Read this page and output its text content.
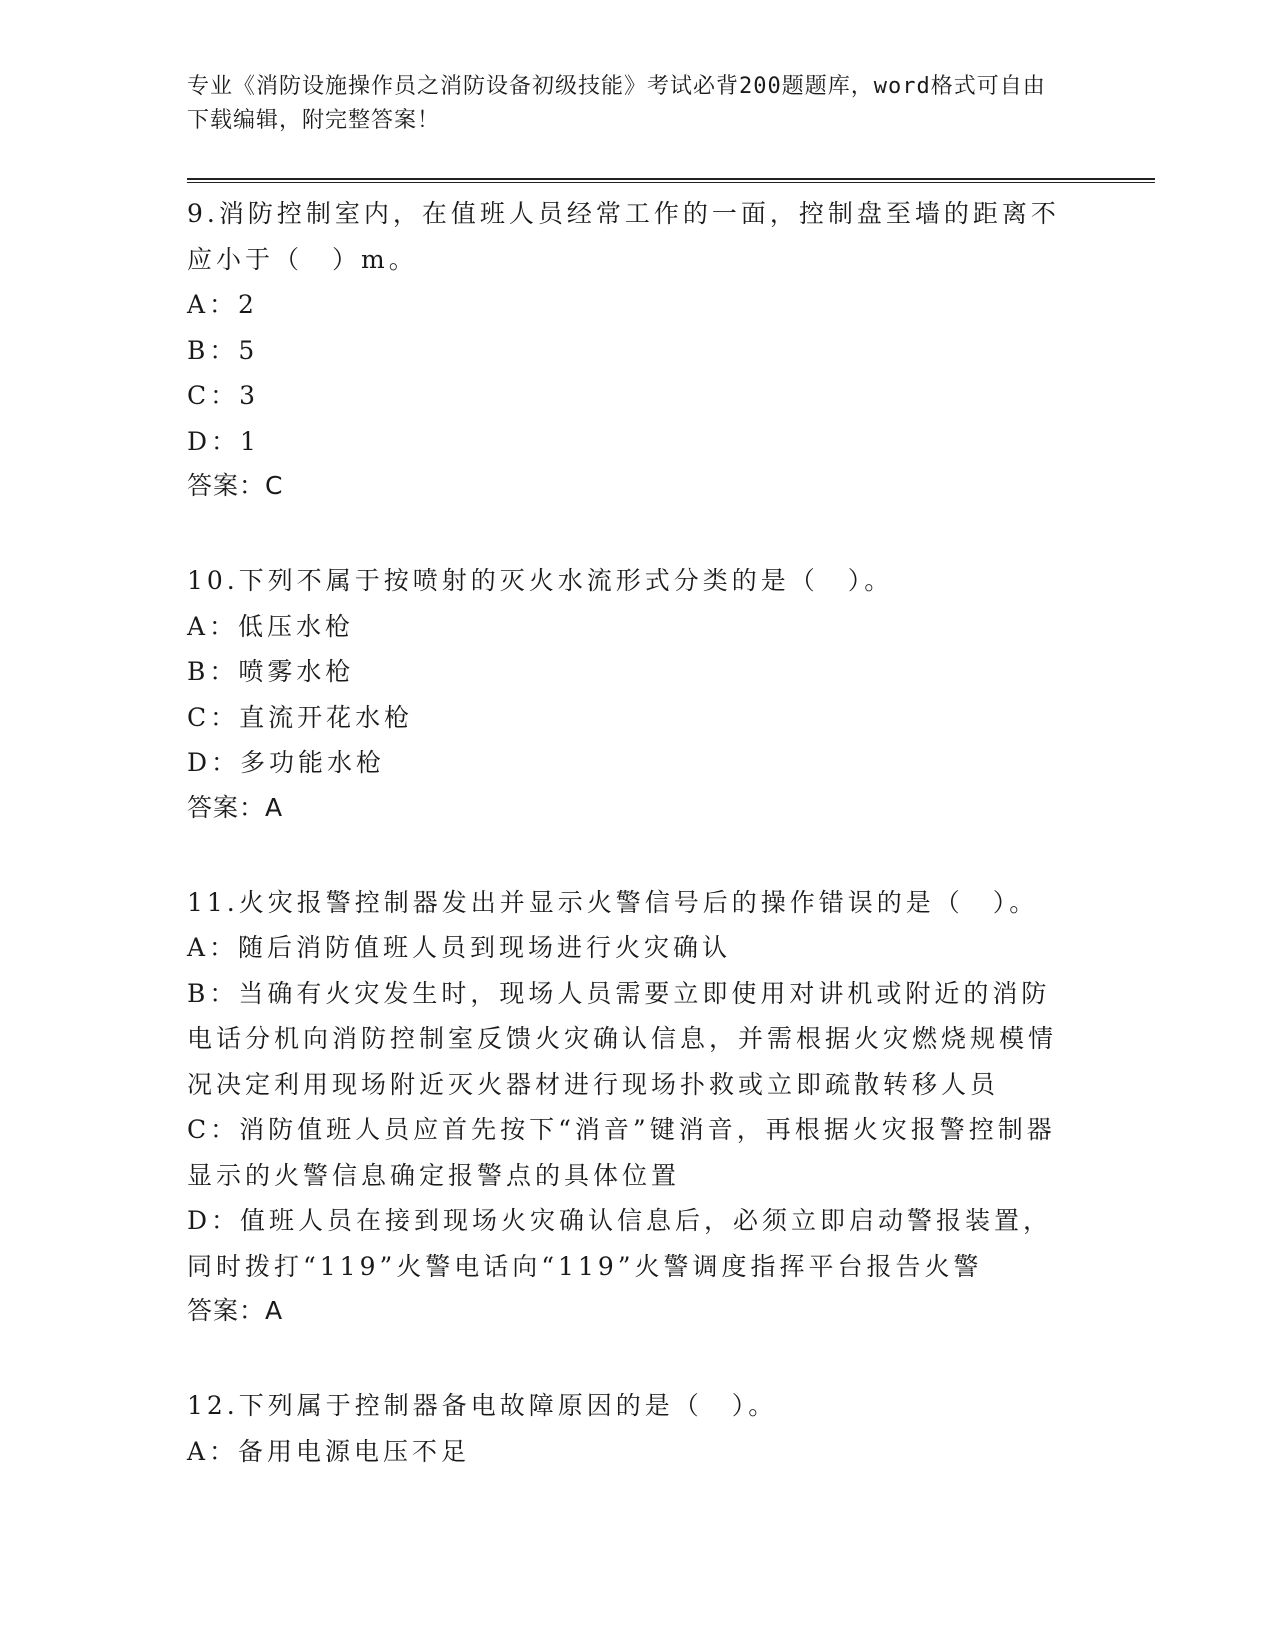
专业《消防设施操作员之消防设备初级技能》考试必背200题题库，word格式可自由下载编辑，附完整答案！

9.消防控制室内，在值班人员经常工作的一面，控制盘至墙的距离不应小于（　）m。

A：2

B：5

C：3

D：1

答案：C

10.下列不属于按喷射的灭火水流形式分类的是（　）。

A：低压水枪

B：喷雾水枪

C：直流开花水枪

D：多功能水枪

答案：A

11.火灾报警控制器发出并显示火警信号后的操作错误的是（　）。

A：随后消防值班人员到现场进行火灾确认

B：当确有火灾发生时，现场人员需要立即使用对讲机或附近的消防电话分机向消防控制室反馈火灾确认信息，并需根据火灾燃烧规模情况决定利用现场附近灭火器材进行现场扑救或立即疏散转移人员

C：消防值班人员应首先按下“消音”键消音，再根据火灾报警控制器显示的火警信息确定报警点的具体位置

D：值班人员在接到现场火灾确认信息后，必须立即启动警报装置，同时拨打“119”火警电话向“119”火警调度指挥平台报告火警

答案：A

12.下列属于控制器备电故障原因的是（　）。

A：备用电源电压不足
